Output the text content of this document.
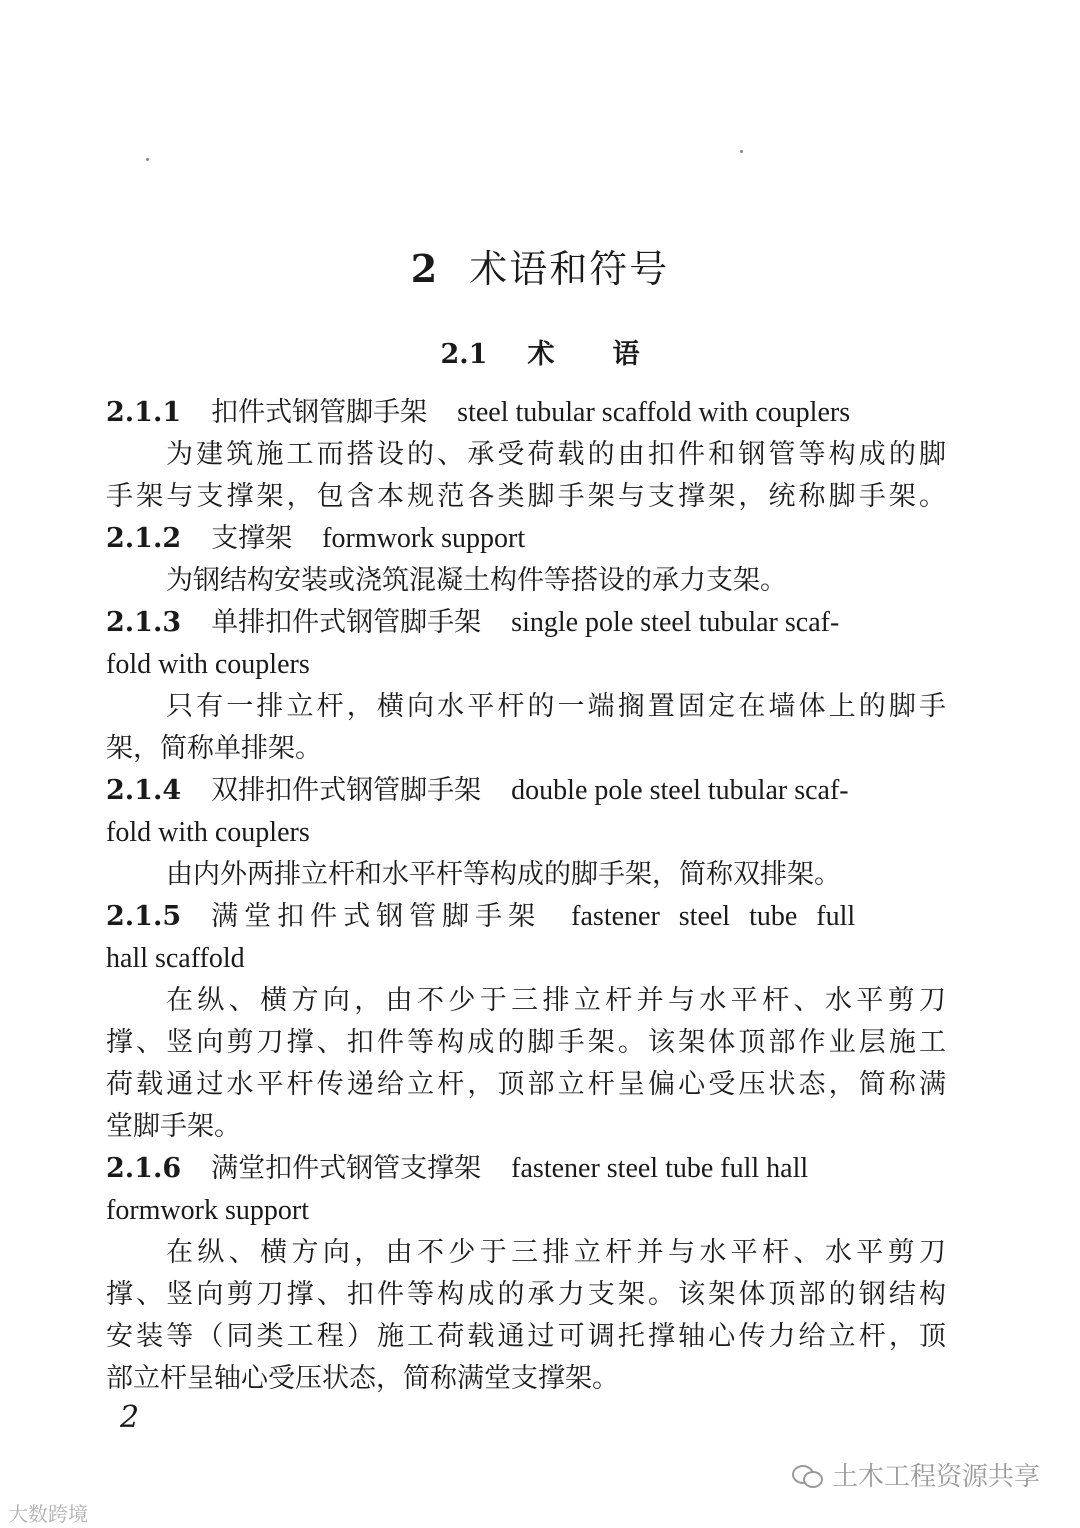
2 术语和符号
2.1 术 语
2.1.1 扣件式钢管脚手架 steel tubular scaffold with couplers
为建筑施工而搭设的、承受荷载的由扣件和钢管等构成的脚
手架与支撑架，包含本规范各类脚手架与支撑架，统称脚手架。
2.1.2 支撑架 formwork support
为钢结构安装或浇筑混凝土构件等搭设的承力支架。
2.1.3 单排扣件式钢管脚手架 single pole steel tubular scaf-
fold with couplers
只有一排立杆，横向水平杆的一端搁置固定在墙体上的脚手
架，简称单排架。
2.1.4 双排扣件式钢管脚手架 double pole steel tubular scaf-
fold with couplers
由内外两排立杆和水平杆等构成的脚手架，简称双排架。
2.1.5 满堂扣件式钢管脚手架 fastener steel tube full
hall scaffold
在纵、横方向，由不少于三排立杆并与水平杆、水平剪刀
撑、竖向剪刀撑、扣件等构成的脚手架。该架体顶部作业层施工
荷载通过水平杆传递给立杆，顶部立杆呈偏心受压状态，简称满
堂脚手架。
2.1.6 满堂扣件式钢管支撑架 fastener steel tube full hall
formwork support
在纵、横方向，由不少于三排立杆并与水平杆、水平剪刀
撑、竖向剪刀撑、扣件等构成的承力支架。该架体顶部的钢结构
安装等（同类工程）施工荷载通过可调托撑轴心传力给立杆，顶
部立杆呈轴心受压状态，简称满堂支撑架。
2
土木工程资源共享
大数跨境
